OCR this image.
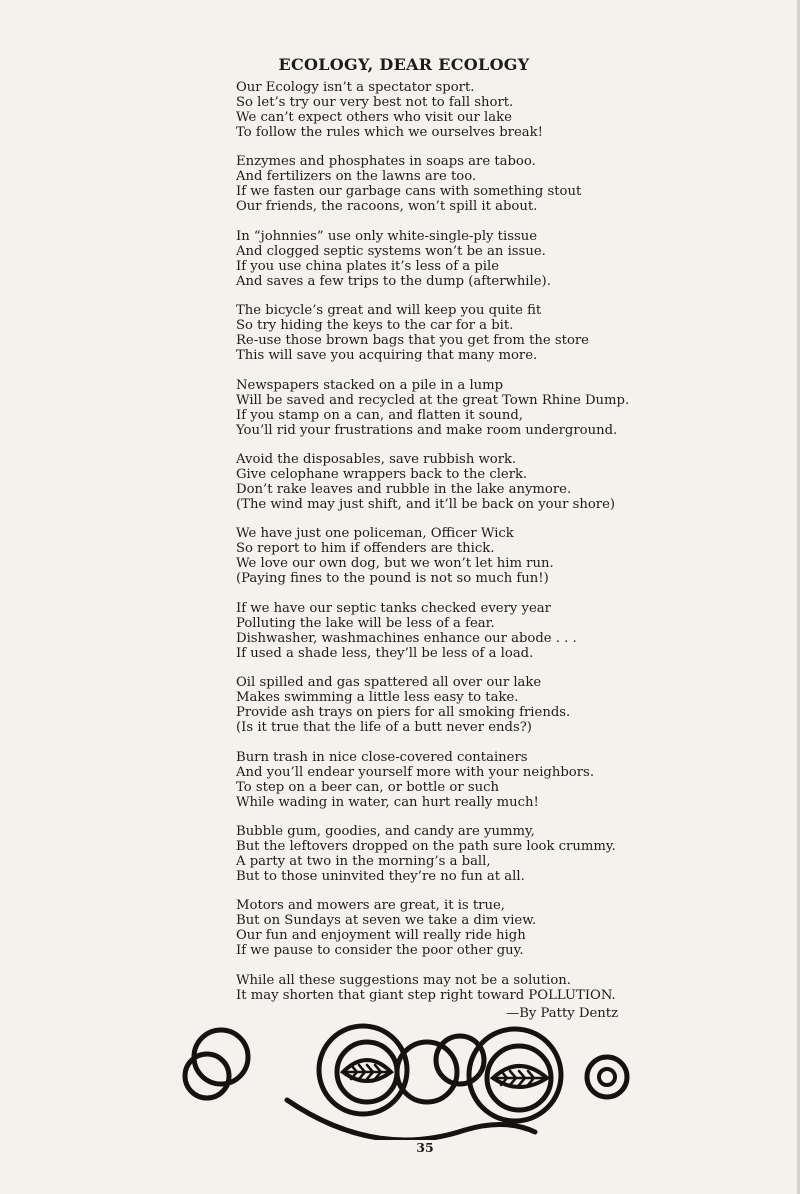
ECOLOGY, DEAR ECOLOGY
Our Ecology isn’t a spectator sport.
So let’s try our very best not to fall short.
We can’t expect others who visit our lake
To follow the rules which we ourselves break!
Enzymes and phosphates in soaps are taboo.
And fertilizers on the lawns are too.
If we fasten our garbage cans with something stout
Our friends, the racoons, won’t spill it about.
In “johnnies” use only white-single-ply tissue
And clogged septic systems won’t be an issue.
If you use china plates it’s less of a pile
And saves a few trips to the dump (afterwhile).
The bicycle’s great and will keep you quite fit
So try hiding the keys to the car for a bit.
Re-use those brown bags that you get from the store
This will save you acquiring that many more.
Newspapers stacked on a pile in a lump
Will be saved and recycled at the great Town Rhine Dump.
If you stamp on a can, and flatten it sound,
You’ll rid your frustrations and make room underground.
Avoid the disposables, save rubbish work.
Give celophane wrappers back to the clerk.
Don’t rake leaves and rubble in the lake anymore.
(The wind may just shift, and it’ll be back on your shore)
We have just one policeman, Officer Wick
So report to him if offenders are thick.
We love our own dog, but we won’t let him run.
(Paying fines to the pound is not so much fun!)
If we have our septic tanks checked every year
Polluting the lake will be less of a fear.
Dishwasher, washmachines enhance our abode . . .
If used a shade less, they’ll be less of a load.
Oil spilled and gas spattered all over our lake
Makes swimming a little less easy to take.
Provide ash trays on piers for all smoking friends.
(Is it true that the life of a butt never ends?)
Burn trash in nice close-covered containers
And you’ll endear yourself more with your neighbors.
To step on a beer can, or bottle or such
While wading in water, can hurt really much!
Bubble gum, goodies, and candy are yummy,
But the leftovers dropped on the path sure look crummy.
A party at two in the morning’s a ball,
But to those uninvited they’re no fun at all.
Motors and mowers are great, it is true,
But on Sundays at seven we take a dim view.
Our fun and enjoyment will really ride high
If we pause to consider the poor other guy.
While all these suggestions may not be a solution.
It may shorten that giant step right toward POLLUTION.
—By Patty Dentz
35
